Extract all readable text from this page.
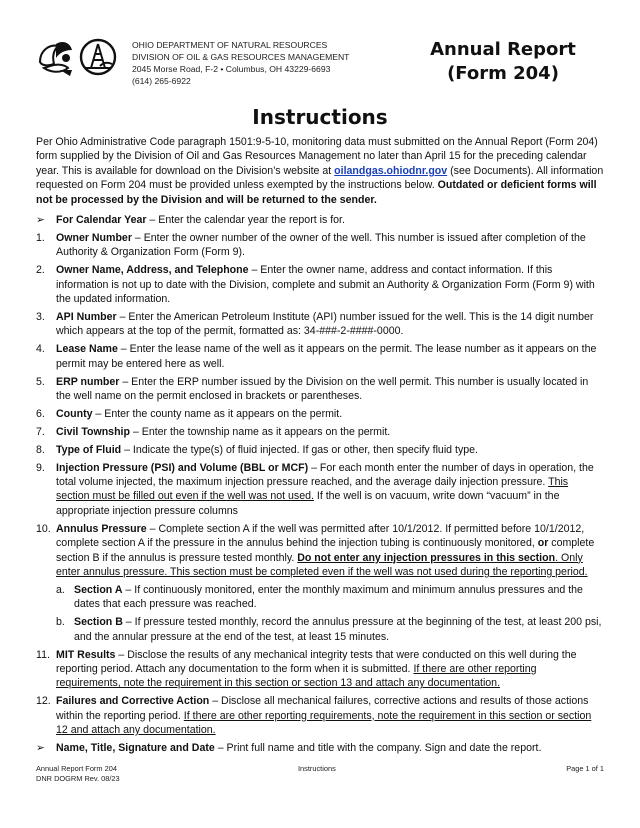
OHIO DEPARTMENT OF NATURAL RESOURCES
DIVISION OF OIL & GAS RESOURCES MANAGEMENT
2045 Morse Road, F-2 • Columbus, OH 43229-6693
(614) 265-6922
Annual Report
(Form 204)
Instructions

Per Ohio Administrative Code paragraph 1501:9-5-10, monitoring data must submitted on the Annual Report (Form 204) form supplied by the Division of Oil and Gas Resources Management no later than April 15 for the preceding calendar year. This is available for download on the Division’s website at oilandgas.ohiodnr.gov (see Documents). All information requested on Form 204 must be provided unless exempted by the instructions below. Outdated or deficient forms will not be processed by the Division and will be returned to the sender.

➢ For Calendar Year – Enter the calendar year the report is for.
1. Owner Number – Enter the owner number of the owner of the well. This number is issued after completion of the Authority & Organization Form (Form 9).
2. Owner Name, Address, and Telephone – Enter the owner name, address and contact information. If this information is not up to date with the Division, complete and submit an Authority & Organization Form (Form 9) with the updated information.
3. API Number – Enter the American Petroleum Institute (API) number issued for the well. This is the 14 digit number which appears at the top of the permit, formatted as: 34-###-2-####-0000.
4. Lease Name – Enter the lease name of the well as it appears on the permit. The lease number as it appears on the permit may be entered here as well.
5. ERP number – Enter the ERP number issued by the Division on the well permit. This number is usually located in the well name on the permit enclosed in brackets or parentheses.
6. County – Enter the county name as it appears on the permit.
7. Civil Township – Enter the township name as it appears on the permit.
8. Type of Fluid – Indicate the type(s) of fluid injected. If gas or other, then specify fluid type.
9. Injection Pressure (PSI) and Volume (BBL or MCF) – For each month enter the number of days in operation, the total volume injected, the maximum injection pressure reached, and the average daily injection pressure. This section must be filled out even if the well was not used. If the well is on vacuum, write down “vacuum” in the appropriate injection pressure columns
10. Annulus Pressure – Complete section A if the well was permitted after 10/1/2012. If permitted before 10/1/2012, complete section A if the pressure in the annulus behind the injection tubing is continuously monitored, or complete section B if the annulus is pressure tested monthly. Do not enter any injection pressures in this section. Only enter annulus pressure. This section must be completed even if the well was not used during the reporting period.
a. Section A – If continuously monitored, enter the monthly maximum and minimum annulus pressures and the dates that each pressure was reached.
b. Section B – If pressure tested monthly, record the annulus pressure at the beginning of the test, at least 200 psi, and the annular pressure at the end of the test, at least 15 minutes.
11. MIT Results – Disclose the results of any mechanical integrity tests that were conducted on this well during the reporting period. Attach any documentation to the form when it is submitted. If there are other reporting requirements, note the requirement in this section or section 13 and attach any documentation.
12. Failures and Corrective Action – Disclose all mechanical failures, corrective actions and results of those actions within the reporting period. If there are other reporting requirements, note the requirement in this section or section 12 and attach any documentation.
➢ Name, Title, Signature and Date – Print full name and title with the company. Sign and date the report.
Annual Report Form 204
DNR DOGRM Rev. 08/23
Instructions	Page 1 of 1
